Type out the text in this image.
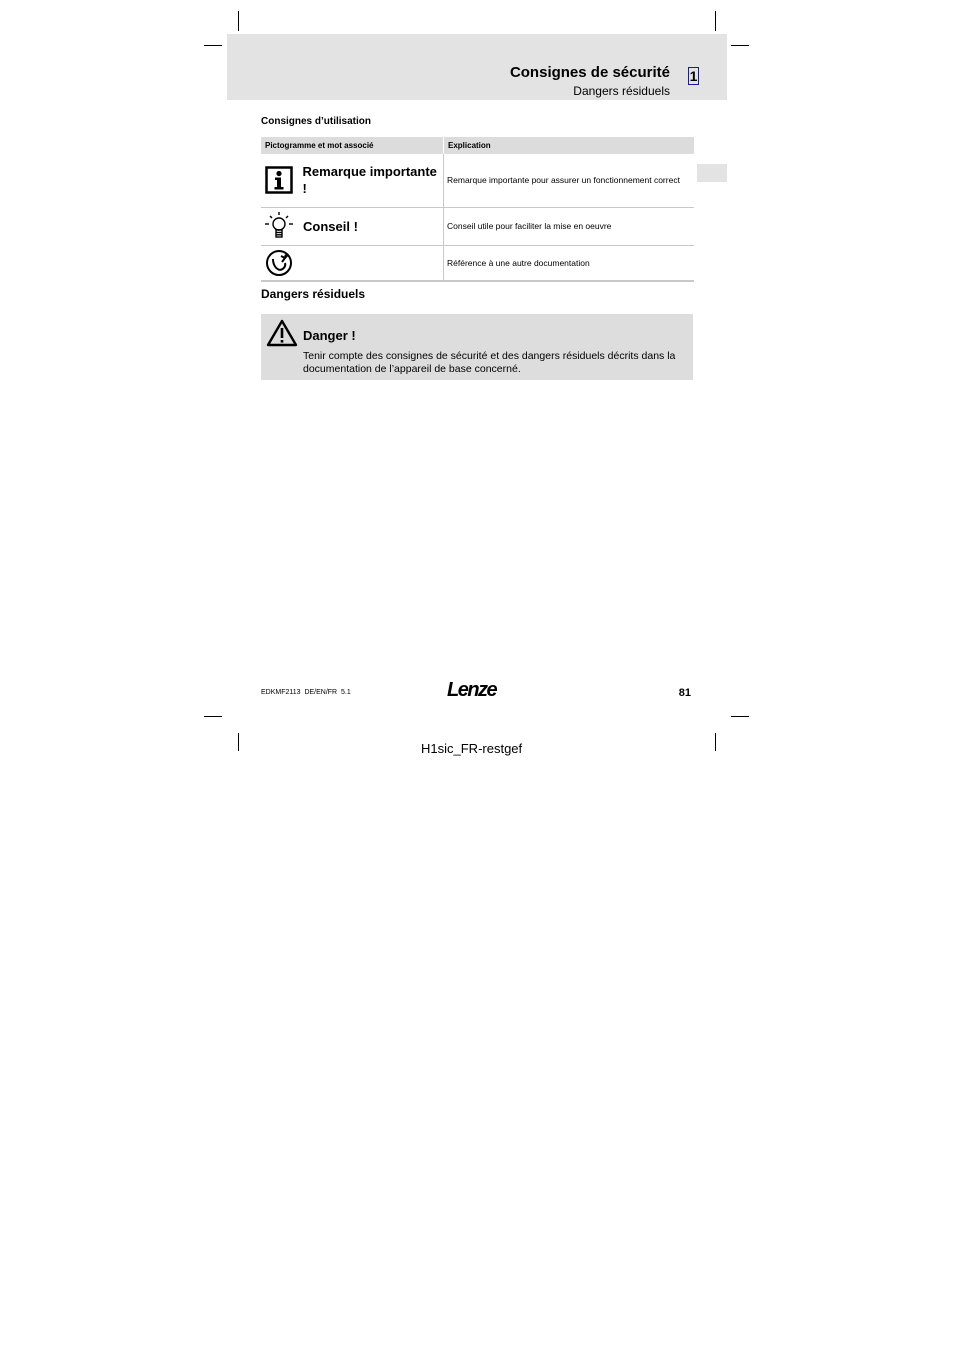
Consignes de sécurité
Dangers résiduels
1
Consignes d’utilisation
Pictogramme et mot associé	Explication

Remarque importante !	Remarque importante pour assurer un fonctionnement correct

Conseil !	Conseil utile pour faciliter la mise en oeuvre

	Référence à une autre documentation
Dangers résiduels
Danger !
Tenir compte des consignes de sécurité et des dangers résiduels décrits dans la documentation de l’appareil de base concerné.
EDKMF2113  DE/EN/FR  5.1	Lenze	81
H1sic_FR-restgef
